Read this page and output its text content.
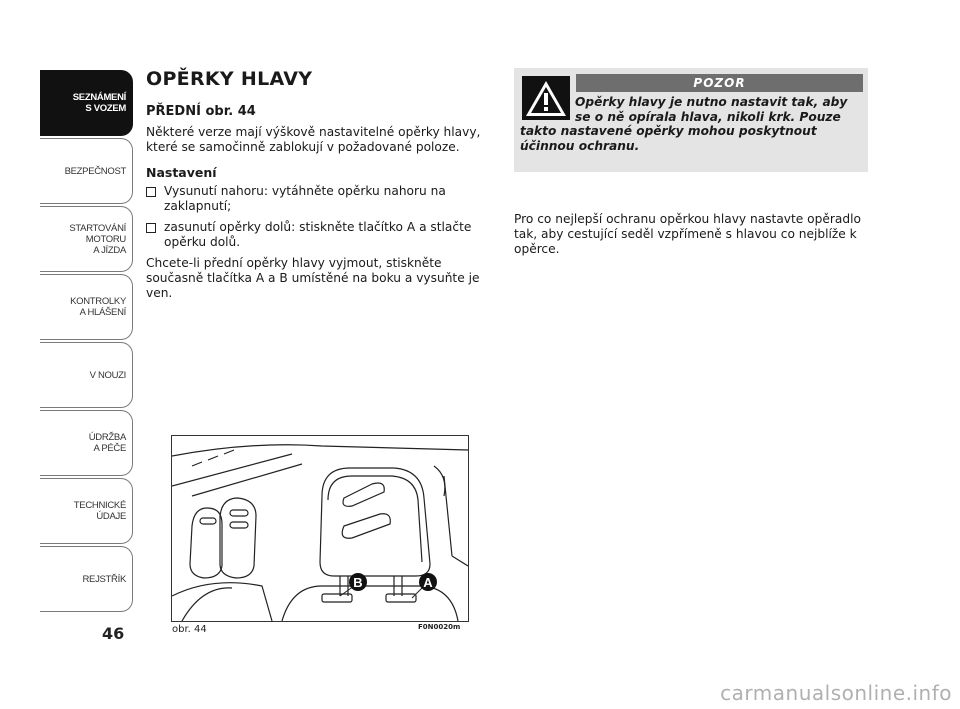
SEZNÁMENÍ
S VOZEM
BEZPEČNOST
STARTOVÁNÍ
MOTORU
A JÍZDA
KONTROLKY
A HLÁŠENÍ
V NOUZI
ÚDRŽBA
A PÉČE
TECHNICKÉ
ÚDAJE
REJSTŘÍK
46
OPĚRKY HLAVY
PŘEDNÍ obr. 44
Některé verze mají výškově nastavitelné opěrky hlavy, které se samočinně zablokují v požadované poloze.
Nastavení
Vysunutí nahoru: vytáhněte opěrku nahoru na zaklapnutí;
zasunutí opěrky dolů: stiskněte tlačítko A a stlačte opěrku dolů.
Chcete-li přední opěrky hlavy vyjmout, stiskněte současně tlačítka A a B umístěné na boku a vysuňte je ven.
B	A
obr. 44	F0N0020m
POZOR
Opěrky hlavy je nutno nastavit tak, aby
se o ně opírala hlava, nikoli krk. Pouze
takto nastavené opěrky mohou poskytnout
účinnou ochranu.
Pro co nejlepší ochranu opěrkou hlavy nastavte opěradlo tak, aby cestující seděl vzpřímeně s hlavou co nejblíže k opěrce.
carmanualsonline.info
